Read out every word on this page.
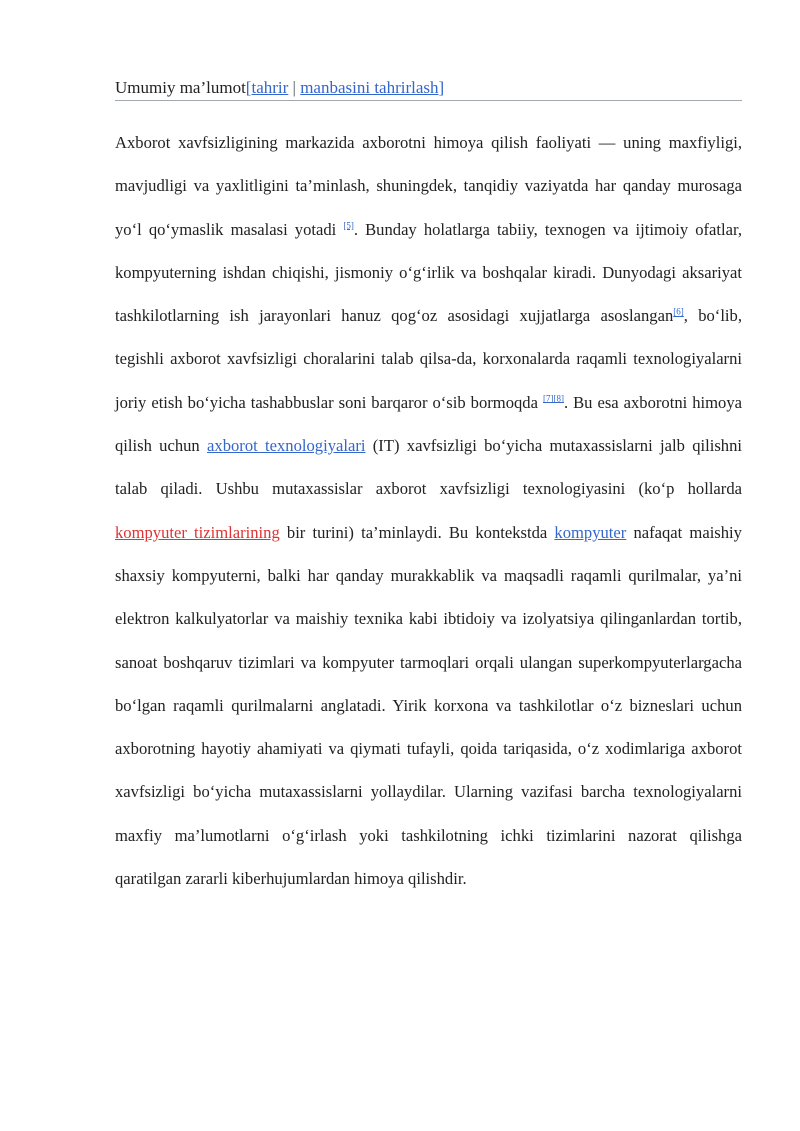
Umumiy ma’lumot[tahrir | manbasini tahrirlash]

Axborot xavfsizligining markazida axborotni himoya qilish faoliyati — uning maxfiyligi, mavjudligi va yaxlitligini ta’minlash, shuningdek, tanqidiy vaziyatda har qanday murosaga yo‘l qo‘ymaslik masalasi yotadi [5]. Bunday holatlarga tabiiy, texnogen va ijtimoiy ofatlar, kompyuterning ishdan chiqishi, jismoniy o‘g‘irlik va boshqalar kiradi. Dunyodagi aksariyat tashkilotlarning ish jarayonlari hanuz qog‘oz asosidagi xujjatlarga asoslangan[6], bo‘lib, tegishli axborot xavfsizligi choralarini talab qilsa-da, korxonalarda raqamli texnologiyalarni joriy etish bo‘yicha tashabbuslar soni barqaror o‘sib bormoqda [7][8]. Bu esa axborotni himoya qilish uchun axborot texnologiyalari (IT) xavfsizligi bo‘yicha mutaxassislarni jalb qilishni talab qiladi. Ushbu mutaxassislar axborot xavfsizligi texnologiyasini (ko‘p hollarda kompyuter tizimlarining bir turini) ta’minlaydi. Bu kontekstda kompyuter nafaqat maishiy shaxsiy kompyuterni, balki har qanday murakkablik va maqsadli raqamli qurilmalar, ya’ni elektron kalkulyatorlar va maishiy texnika kabi ibtidoiy va izolyatsiya qilinganlardan tortib, sanoat boshqaruv tizimlari va kompyuter tarmoqlari orqali ulangan superkompyuterlargacha bo‘lgan raqamli qurilmalarni anglatadi. Yirik korxona va tashkilotlar o‘z bizneslari uchun axborotning hayotiy ahamiyati va qiymati tufayli, qoida tariqasida, o‘z xodimlariga axborot xavfsizligi bo‘yicha mutaxassislarni yollaydilar. Ularning vazifasi barcha texnologiyalarni maxfiy ma’lumotlarni o‘g‘irlash yoki tashkilotning ichki tizimlarini nazorat qilishga qaratilgan zararli kiberhujumlardan himoya qilishdir.
